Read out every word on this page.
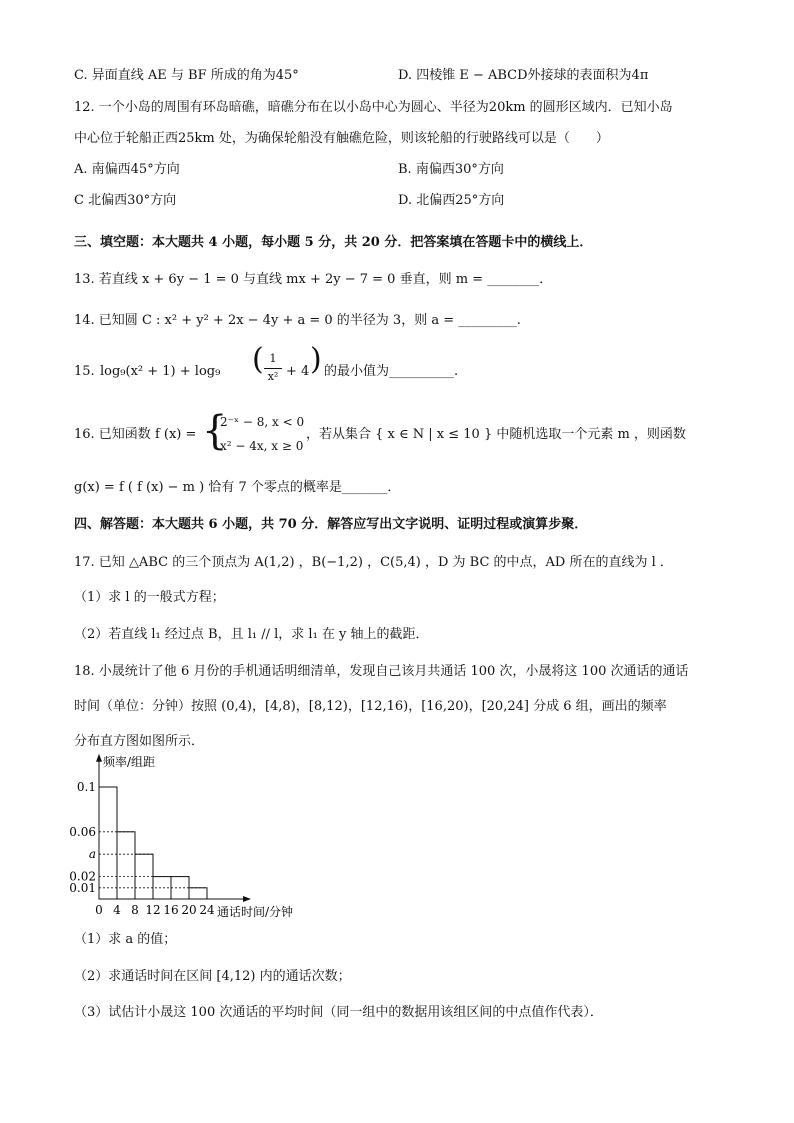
C. 异面直线 AE 与 BF 所成的角为45°	D. 四棱锥 E − ABCD外接球的表面积为4π
12. 一个小岛的周围有环岛暗礁，暗礁分布在以小岛中心为圆心、半径为20km 的圆形区域内．已知小岛
中心位于轮船正西25km 处，为确保轮船没有触礁危险，则该轮船的行驶路线可以是（　　）
A. 南偏西45°方向	B. 南偏西30°方向
C 北偏西30°方向	D. 北偏西25°方向
三、填空题：本大题共 4 小题，每小题 5 分，共 20 分．把答案填在答题卡中的横线上．
13. 若直线 x + 6y − 1 = 0 与直线 mx + 2y − 7 = 0 垂直，则 m = ________．
14. 已知圆 C : x² + y² + 2x − 4y + a = 0 的半径为 3，则 a = _________.
15. log₉(x² + 1) + log₉ ( 1
x² + 4 ) 的最小值为__________.
16. 已知函数 f (x) = {
2⁻ˣ − 8, x < 0
x² − 4x, x ≥ 0
，若从集合 { x ∈ N | x ≤ 10 } 中随机选取一个元素 m ，则函数
g(x) = f ( f (x) − m ) 恰有 7 个零点的概率是_______．
四、解答题：本大题共 6 小题，共 70 分．解答应写出文字说明、证明过程或演算步聚．
17. 已知 △ABC 的三个顶点为 A(1,2) ，B(−1,2) ，C(5,4) ，D 为 BC 的中点，AD 所在的直线为 l ．
（1）求 l 的一般式方程；
（2）若直线 l₁ 经过点 B，且 l₁ // l，求 l₁ 在 y 轴上的截距．
18. 小晟统计了他 6 月份的手机通话明细清单，发现自己该月共通话 100 次，小晟将这 100 次通话的通话
时间（单位：分钟）按照 (0,4)，[4,8)，[8,12)，[12,16)，[16,20)，[20,24] 分成 6 组，画出的频率
分布直方图如图所示．
0 4 8 12 16 20 24
0.1
0.06
a
0.02
0.01
频率/组距
通话时间/分钟
（1）求 a 的值；
（2）求通话时间在区间 [4,12) 内的通话次数；
（3）试估计小晟这 100 次通话的平均时间（同一组中的数据用该组区间的中点值作代表）．
